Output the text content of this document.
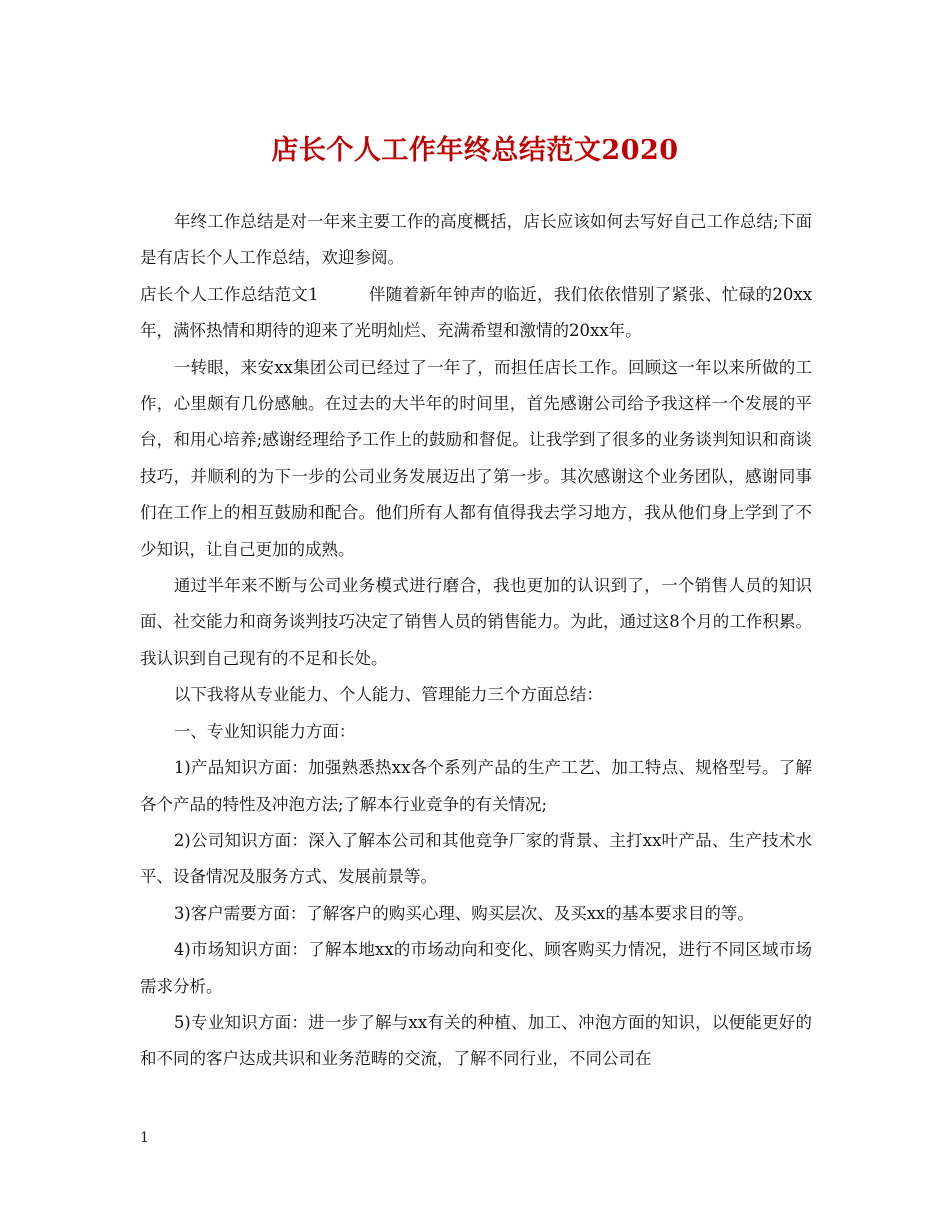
店长个人工作年终总结范文2020

年终工作总结是对一年来主要工作的高度概括，店长应该如何去写好自己工作总结;下面是有店长个人工作总结，欢迎参阅。

店长个人工作总结范文1	伴随着新年钟声的临近，我们依依惜别了紧张、忙碌的20xx年，满怀热情和期待的迎来了光明灿烂、充满希望和激情的20xx年。

一转眼，来安xx集团公司已经过了一年了，而担任店长工作。回顾这一年以来所做的工作，心里颇有几份感触。在过去的大半年的时间里，首先感谢公司给予我这样一个发展的平台，和用心培养;感谢经理给予工作上的鼓励和督促。让我学到了很多的业务谈判知识和商谈技巧，并顺利的为下一步的公司业务发展迈出了第一步。其次感谢这个业务团队，感谢同事们在工作上的相互鼓励和配合。他们所有人都有值得我去学习地方，我从他们身上学到了不少知识，让自己更加的成熟。

通过半年来不断与公司业务模式进行磨合，我也更加的认识到了，一个销售人员的知识面、社交能力和商务谈判技巧决定了销售人员的销售能力。为此，通过这8个月的工作积累。我认识到自己现有的不足和长处。

以下我将从专业能力、个人能力、管理能力三个方面总结：

一、专业知识能力方面：

1)产品知识方面：加强熟悉热xx各个系列产品的生产工艺、加工特点、规格型号。了解各个产品的特性及冲泡方法;了解本行业竞争的有关情况;

2)公司知识方面：深入了解本公司和其他竞争厂家的背景、主打xx叶产品、生产技术水平、设备情况及服务方式、发展前景等。

3)客户需要方面：了解客户的购买心理、购买层次、及买xx的基本要求目的等。

4)市场知识方面：了解本地xx的市场动向和变化、顾客购买力情况，进行不同区域市场需求分析。

5)专业知识方面：进一步了解与xx有关的种植、加工、冲泡方面的知识，以便能更好的和不同的客户达成共识和业务范畴的交流，了解不同行业，不同公司在

1
